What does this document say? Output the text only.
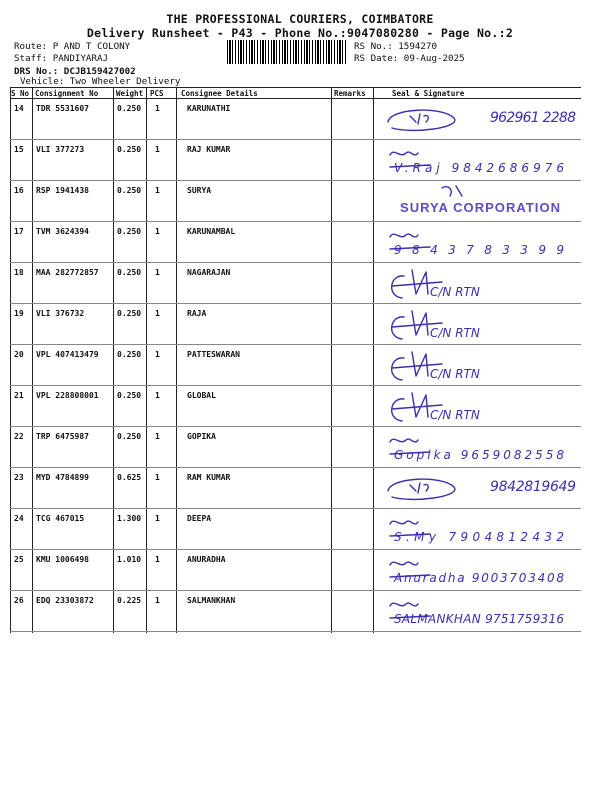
THE PROFESSIONAL COURIERS, COIMBATORE
Delivery Runsheet - P43 - Phone No.:9047080280 - Page No.:2
Route: P AND T COLONY
Staff: PANDIYARAJ
DRS No.: DCJB159427002
Vehicle: Two Wheeler Delivery
RS No.: 1594270
RS Date: 09-Aug-2025
S No Consignment No Weight PCS Consignee Details	Remarks	Seal & Signature
14 TDR 5531607	0.250 1	KARUNATHI
962961 2288
15 VLI 377273	0.250 1	RAJ KUMAR
V.Raj 9842686976
16 RSP 1941438	0.250 1	SURYA
SURYA CORPORATION
17 TVM 3624394	0.250 1	KARUNAMBAL
9843783399
18 MAA 282772857 0.250 1	NAGARAJAN
C/N RTN
19 VLI 376732	0.250 1	RAJA
C/N RTN
20 VPL 407413479 0.250 1	PATTESWARAN
C/N RTN
21 VPL 228808001 0.250 1	GLOBAL
C/N RTN
22 TRP 6475987	0.250 1	GOPIKA
Gopika 9659082558
23 MYD 4784899	0.625 1	RAM KUMAR
9842819649
24 TCG 467015	1.300 1	DEEPA
S.My 7904812432
25 KMU 1006498	1.010 1	ANURADHA
Anuradha 9003703408
26 EDQ 23303872	0.225 1	SALMANKHAN
SALMANKHAN 9751759316
